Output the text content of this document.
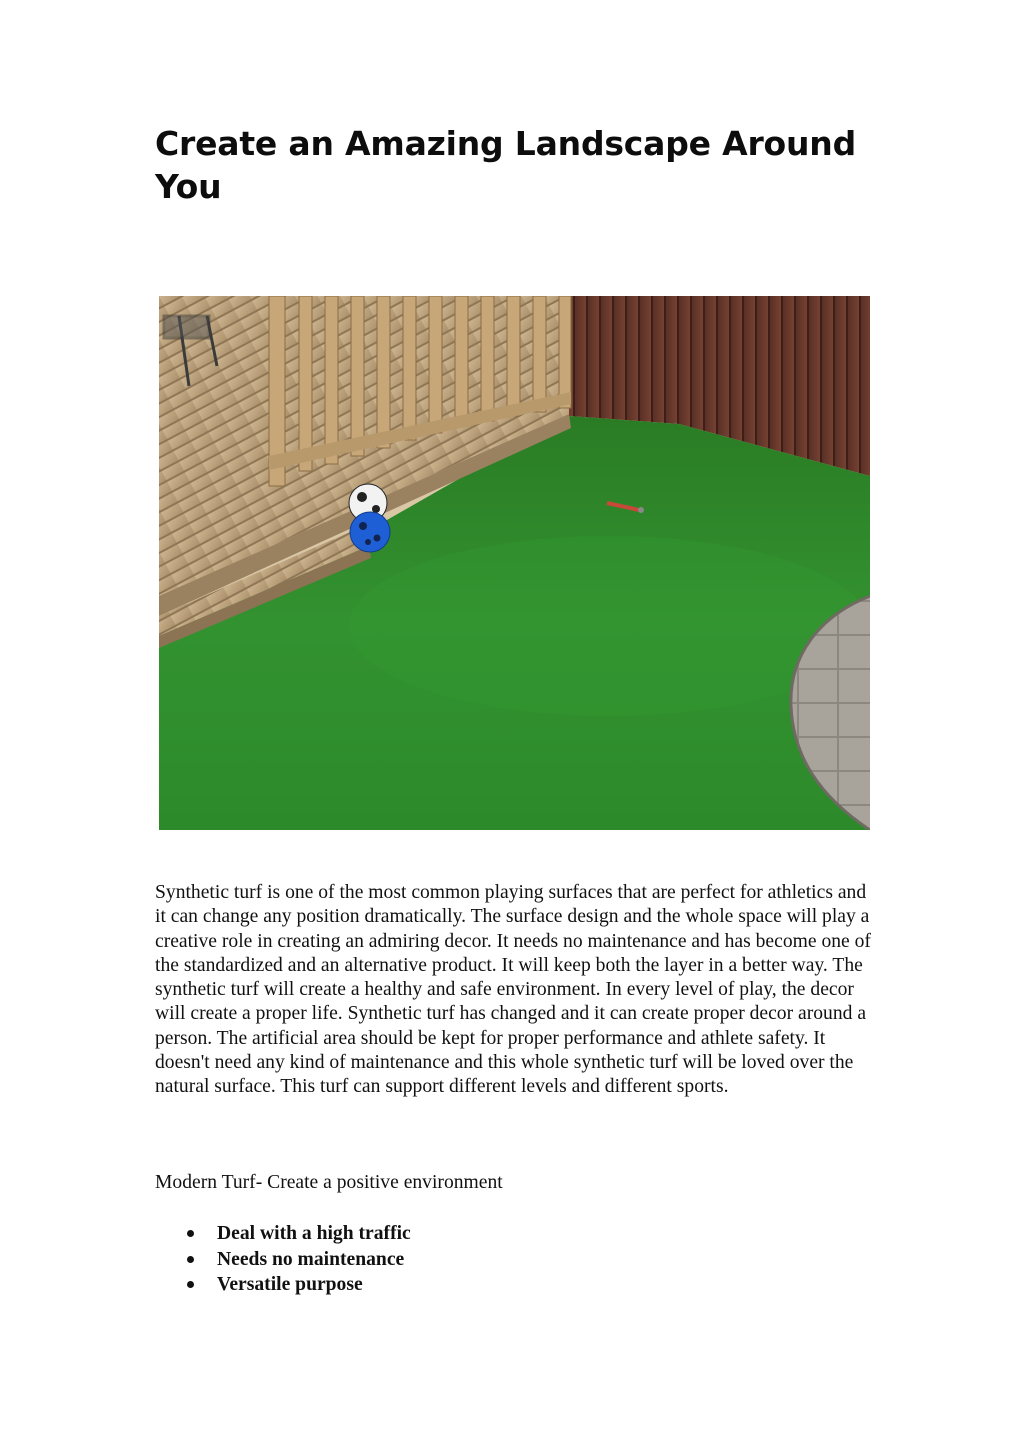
Create an Amazing Landscape Around You

Synthetic turf is one of the most common playing surfaces that are perfect for athletics and it can change any position dramatically. The surface design and the whole space will play a creative role in creating an admiring decor. It needs no maintenance and has become one of the standardized and an alternative product. It will keep both the layer in a better way. The synthetic turf will create a healthy and safe environment. In every level of play, the decor will create a proper life. Synthetic turf has changed and it can create proper decor around a person. The artificial area should be kept for proper performance and athlete safety. It doesn't need any kind of maintenance and this whole synthetic turf will be loved over the natural surface. This turf can support different levels and different sports.

Modern Turf- Create a positive environment

Deal with a high traffic
Needs no maintenance
Versatile purpose
